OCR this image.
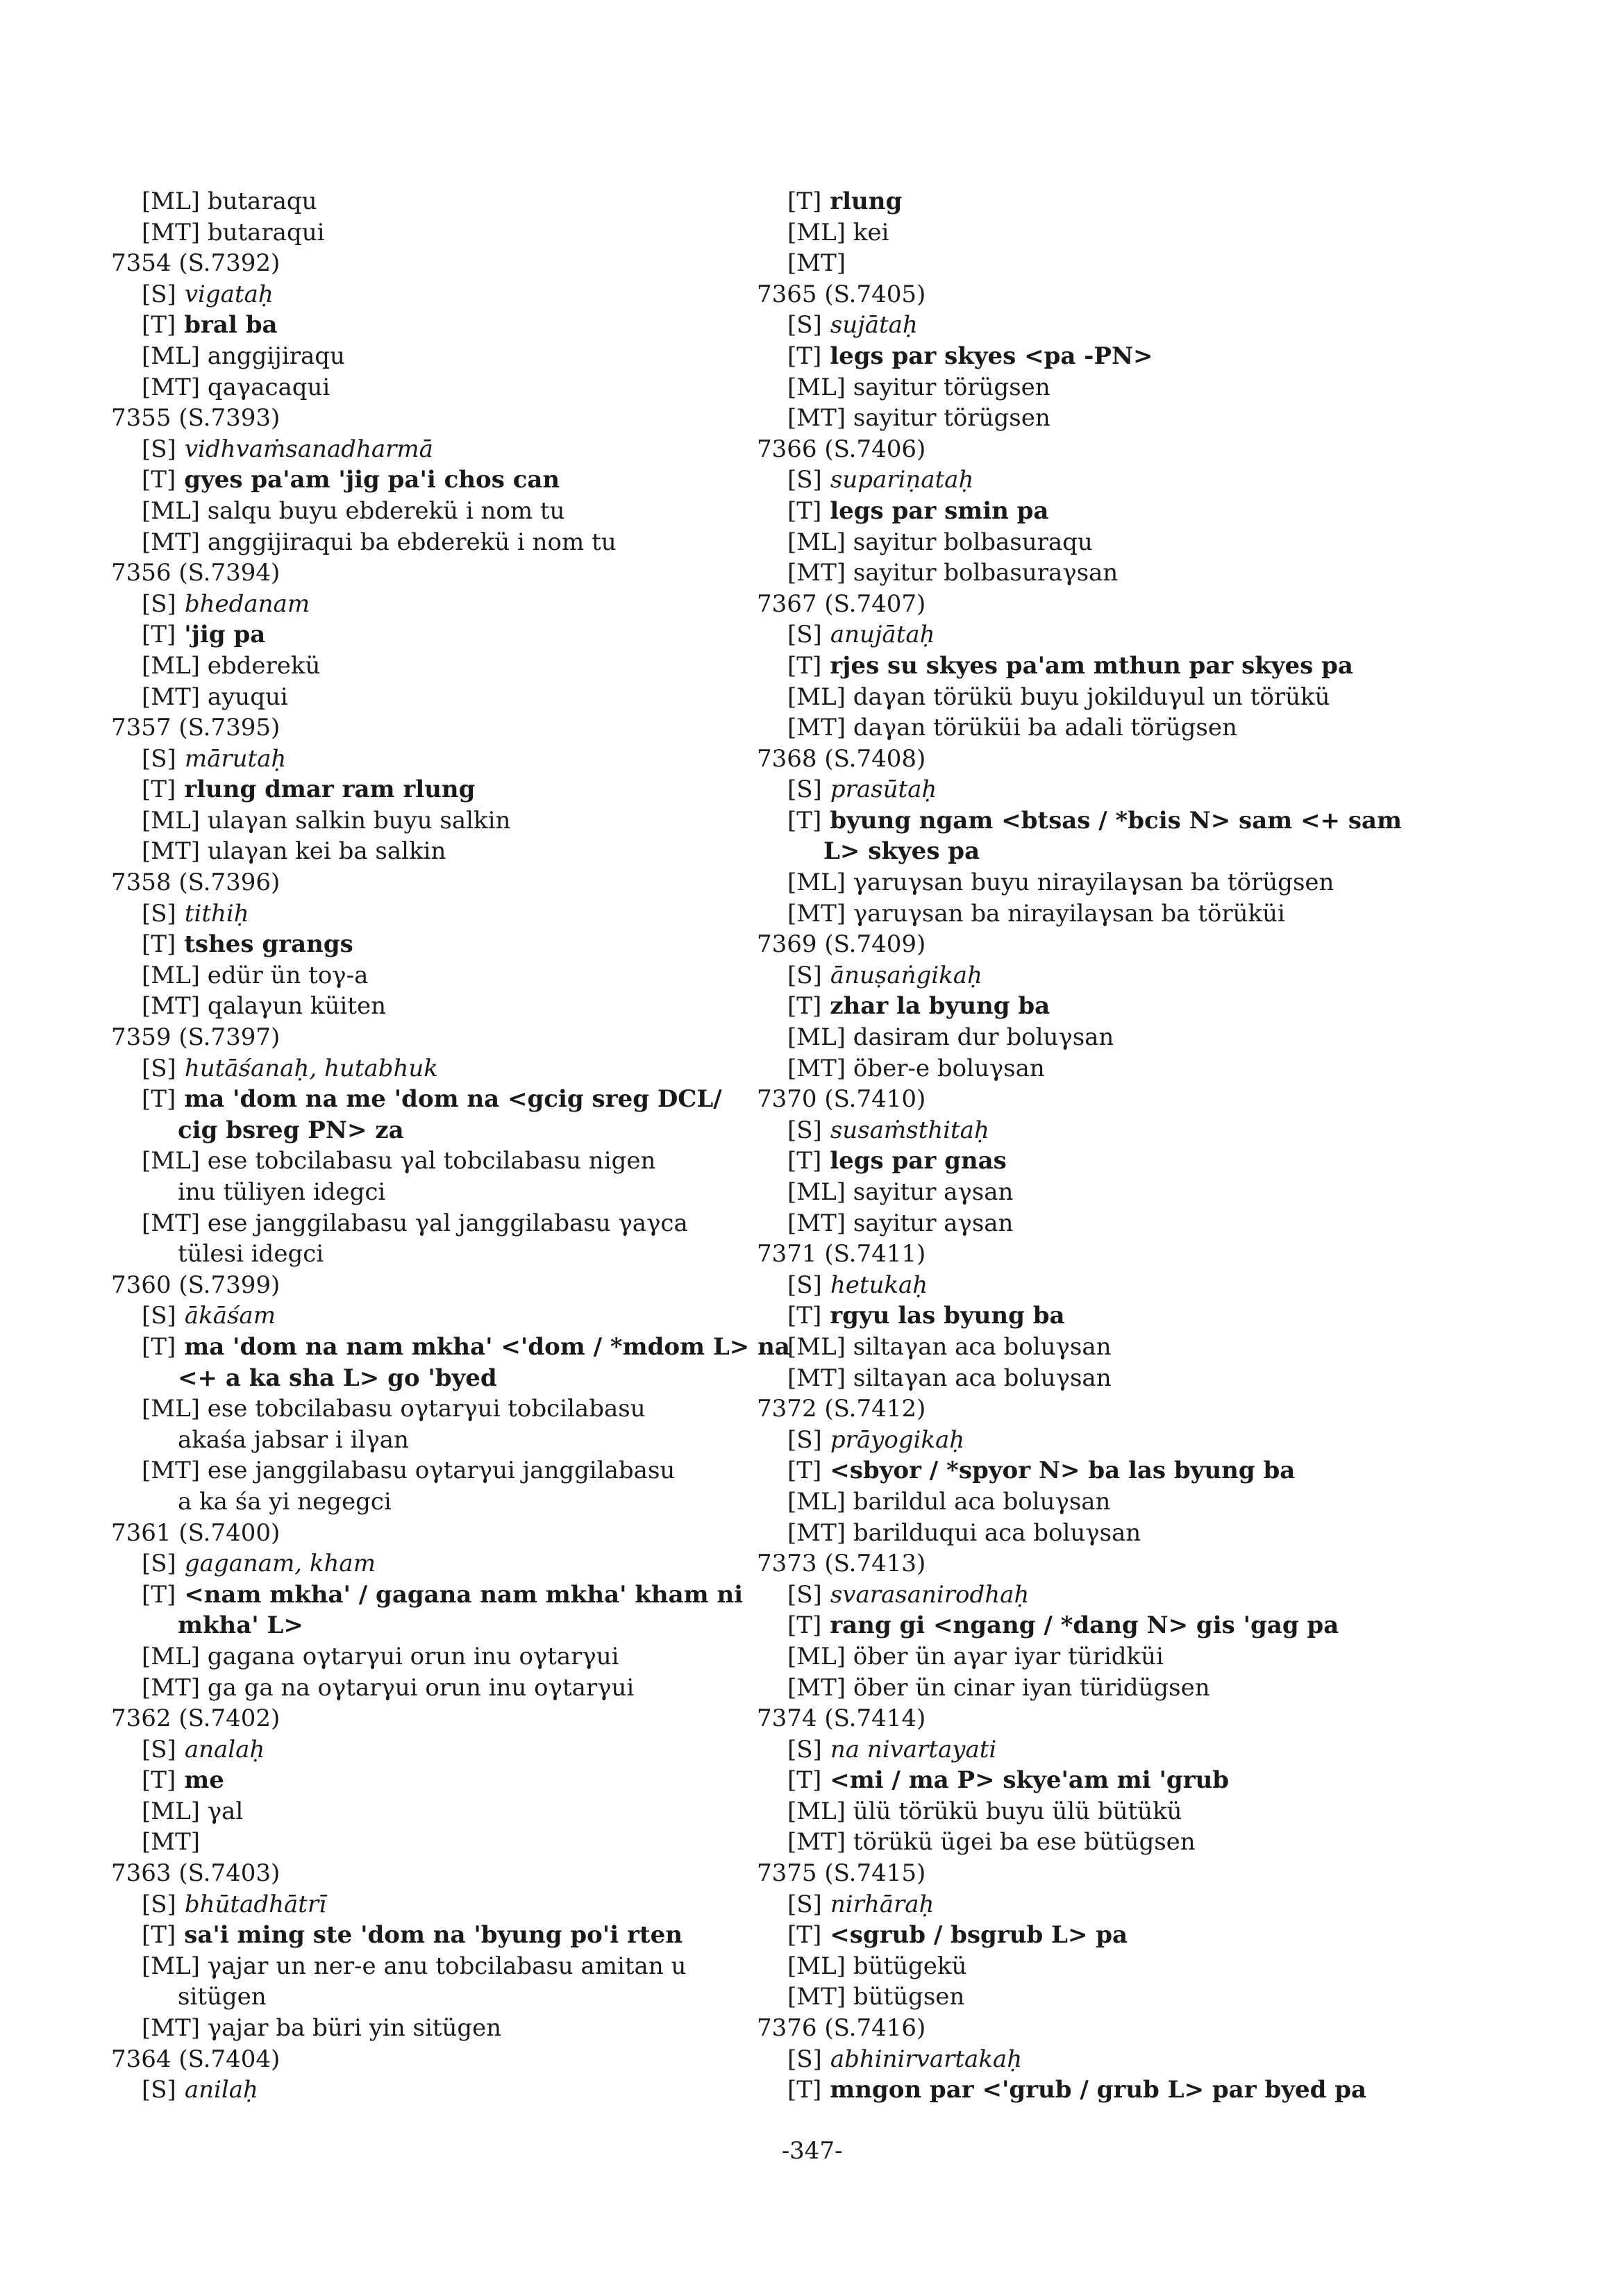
[ML] butaraqu
[MT] butaraqui
7354 (S.7392)
[S] vigataḥ
[T] bral ba
[ML] anggijiraqu
[MT] qaγacaqui
7355 (S.7393)
[S] vidhvaṁsanadharmā
[T] gyes pa'am 'jig pa'i chos can
[ML] salqu buyu ebderekü i nom tu
[MT] anggijiraqui ba ebderekü i nom tu
7356 (S.7394)
[S] bhedanam
[T] 'jig pa
[ML] ebderekü
[MT] ayuqui
7357 (S.7395)
[S] mārutaḥ
[T] rlung dmar ram rlung
[ML] ulaγan salkin buyu salkin
[MT] ulaγan kei ba salkin
7358 (S.7396)
[S] tithiḥ
[T] tshes grangs
[ML] edür ün toγ-a
[MT] qalaγun küiten
7359 (S.7397)
[S] hutāśanaḥ, hutabhuk
[T] ma 'dom na me 'dom na <gcig sreg DCL/
cig bsreg PN> za
[ML] ese tobcilabasu γal tobcilabasu nigen
inu tüliyen idegci
[MT] ese janggilabasu γal janggilabasu γaγca
tülesi idegci
7360 (S.7399)
[S] ākāśam
[T] ma 'dom na nam mkha' <'dom / *mdom L> na
<+ a ka sha L> go 'byed
[ML] ese tobcilabasu oγtarγui tobcilabasu
akaśa jabsar i ilγan
[MT] ese janggilabasu oγtarγui janggilabasu
a ka śa yi negegci
7361 (S.7400)
[S] gaganam, kham
[T] <nam mkha' / gagana nam mkha' kham ni
mkha' L>
[ML] gagana oγtarγui orun inu oγtarγui
[MT] ga ga na oγtarγui orun inu oγtarγui
7362 (S.7402)
[S] analaḥ
[T] me
[ML] γal
[MT]
7363 (S.7403)
[S] bhūtadhātrī
[T] sa'i ming ste 'dom na 'byung po'i rten
[ML] γajar un ner-e anu tobcilabasu amitan u
sitügen
[MT] γajar ba büri yin sitügen
7364 (S.7404)
[S] anilaḥ
[T] rlung
[ML] kei
[MT]
7365 (S.7405)
[S] sujātaḥ
[T] legs par skyes <pa -PN>
[ML] sayitur törügsen
[MT] sayitur törügsen
7366 (S.7406)
[S] supariṇataḥ
[T] legs par smin pa
[ML] sayitur bolbasuraqu
[MT] sayitur bolbasuraγsan
7367 (S.7407)
[S] anujātaḥ
[T] rjes su skyes pa'am mthun par skyes pa
[ML] daγan törükü buyu jokilduγul un törükü
[MT] daγan törüküi ba adali törügsen
7368 (S.7408)
[S] prasūtaḥ
[T] byung ngam <btsas / *bcis N> sam <+ sam
L> skyes pa
[ML] γaruγsan buyu nirayilaγsan ba törügsen
[MT] γaruγsan ba nirayilaγsan ba törüküi
7369 (S.7409)
[S] ānuṣaṅgikaḥ
[T] zhar la byung ba
[ML] dasiram dur boluγsan
[MT] öber-e boluγsan
7370 (S.7410)
[S] susaṁsthitaḥ
[T] legs par gnas
[ML] sayitur aγsan
[MT] sayitur aγsan
7371 (S.7411)
[S] hetukaḥ
[T] rgyu las byung ba
[ML] siltaγan aca boluγsan
[MT] siltaγan aca boluγsan
7372 (S.7412)
[S] prāyogikaḥ
[T] <sbyor / *spyor N> ba las byung ba
[ML] barildul aca boluγsan
[MT] barilduqui aca boluγsan
7373 (S.7413)
[S] svarasanirodhaḥ
[T] rang gi <ngang / *dang N> gis 'gag pa
[ML] öber ün aγar iyar türidküi
[MT] öber ün cinar iyan türidügsen
7374 (S.7414)
[S] na nivartayati
[T] <mi / ma P> skye'am mi 'grub
[ML] ülü törükü buyu ülü bütükü
[MT] törükü ügei ba ese bütügsen
7375 (S.7415)
[S] nirhāraḥ
[T] <sgrub / bsgrub L> pa
[ML] bütügekü
[MT] bütügsen
7376 (S.7416)
[S] abhinirvartakaḥ
[T] mngon par <'grub / grub L> par byed pa
-347-
